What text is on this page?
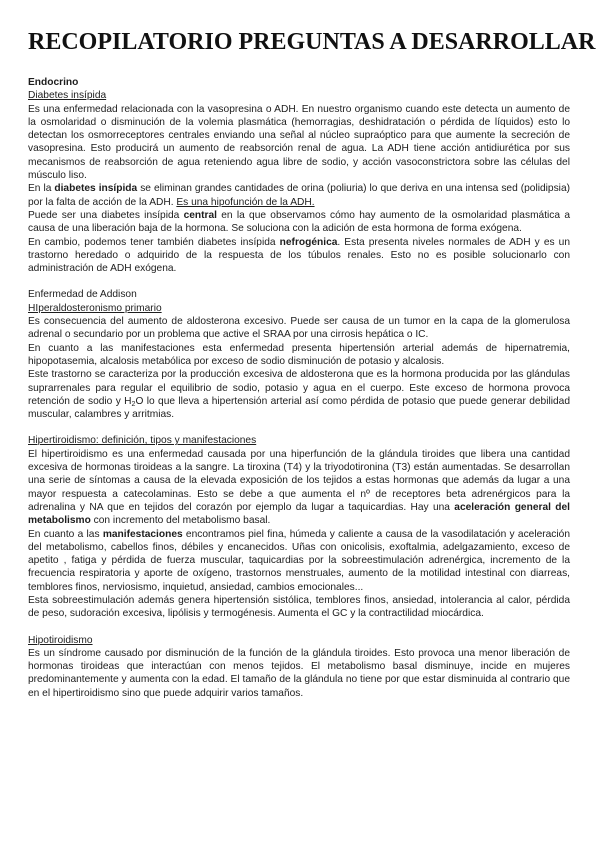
RECOPILATORIO PREGUNTAS A DESARROLLAR
Endocrino
Diabetes insípida

Es una enfermedad relacionada con la vasopresina o ADH. En nuestro organismo cuando este detecta un aumento de la osmolaridad o disminución de la volemia plasmática (hemorragias, deshidratación o pérdida de líquidos) esto lo detectan los osmorreceptores centrales enviando una señal al núcleo supraóptico para que aumente la secreción de vasopresina. Esto producirá un aumento de reabsorción renal de agua. La ADH tiene acción antidiurética por sus mecanismos de reabsorción de agua reteniendo agua libre de sodio, y acción vasoconstrictora sobre las células del músculo liso.

En la diabetes insípida se eliminan grandes cantidades de orina (poliuria) lo que deriva en una intensa sed (polidipsia) por la falta de acción de la ADH. Es una hipofunción de la ADH.

Puede ser una diabetes insípida central en la que observamos cómo hay aumento de la osmolaridad plasmática a causa de una liberación baja de la hormona. Se soluciona con la adición de esta hormona de forma exógena.

En cambio, podemos tener también diabetes insípida nefrogénica. Esta presenta niveles normales de ADH y es un trastorno heredado o adquirido de la respuesta de los túbulos renales. Esto no es posible solucionarlo con administración de ADH exógena.

Enfermedad de Addison
HIperaldosteronismo primario

Es consecuencia del aumento de aldosterona excesivo. Puede ser causa de un tumor en la capa de la glomerulosa adrenal o secundario por un problema que active el SRAA por una cirrosis hepática o IC.

En cuanto a las manifestaciones esta enfermedad presenta hipertensión arterial además de hipernatremia, hipopotasemia, alcalosis metabólica por exceso de sodio disminución de potasio y alcalosis.

Este trastorno se caracteriza por la producción excesiva de aldosterona que es la hormona producida por las glándulas suprarrenales para regular el equilibrio de sodio, potasio y agua en el cuerpo. Este exceso de hormona provoca retención de sodio y $H_2O$ lo que lleva a hipertensión arterial así como pérdida de potasio que puede generar debilidad muscular, calambres y arritmias.

Hipertiroidismo: definición, tipos y manifestaciones

El hipertiroidismo es una enfermedad causada por una hiperfunción de la glándula tiroides que libera una cantidad excesiva de hormonas tiroideas a la sangre. La tiroxina (T4) y la triyodotironina (T3) están aumentadas. Se desarrollan una serie de síntomas a causa de la elevada exposición de los tejidos a estas hormonas que además da lugar a una mayor respuesta a catecolaminas. Esto se debe a que aumenta el nº de receptores beta adrenérgicos para la adrenalina y NA que en tejidos del corazón por ejemplo da lugar a taquicardias. Hay una aceleración general del metabolismo con incremento del metabolismo basal.

En cuanto a las manifestaciones encontramos piel fina, húmeda y caliente a causa de la vasodilatación y aceleración del metabolismo, cabellos finos, débiles y encanecidos. Uñas con onicolisis, exoftalmia, adelgazamiento, exceso de apetito , fatiga y pérdida de fuerza muscular, taquicardias por la sobreestimulación adrenérgica, incremento de la frecuencia respiratoria y aporte de oxígeno, trastornos menstruales, aumento de la motilidad intestinal con diarreas, temblores finos, nerviosismo, inquietud, ansiedad, cambios emocionales...

Esta sobreestimulación además genera hipertensión sistólica, temblores finos, ansiedad, intolerancia al calor, pérdida de peso, sudoración excesiva, lipólisis y termogénesis. Aumenta el GC y la contractilidad miocárdica.

Hipotiroidismo

Es un síndrome causado por disminución de la función de la glándula tiroides. Esto provoca una menor liberación de hormonas tiroideas que interactúan con menos tejidos. El metabolismo basal disminuye, incide en mujeres predominantemente y aumenta con la edad. El tamaño de la glándula no tiene por que estar disminuida al contrario que en el hipertiroidismo sino que puede adquirir varios tamaños.
